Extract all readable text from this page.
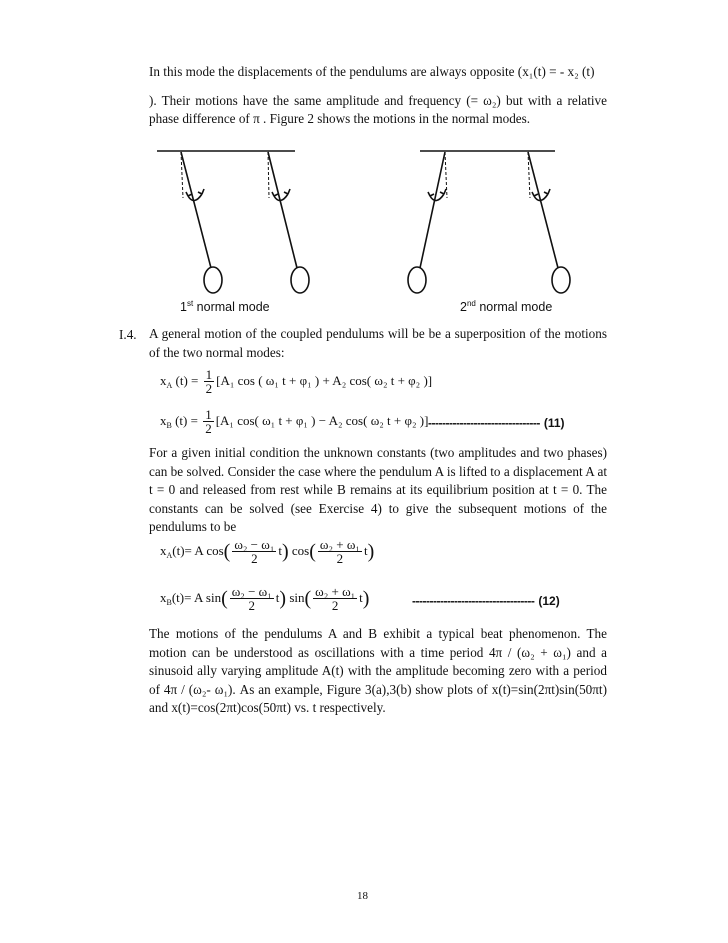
In this mode the displacements of the pendulums are always opposite (x₁(t) = - x₂ (t)
). Their motions have the same amplitude and frequency (= ω₂) but with a relative
phase difference of π . Figure 2 shows the motions in the normal modes.
1st normal mode	2nd normal mode
I.4. A general motion of the coupled pendulums will be be a superposition of the motions of the two normal modes:
$x_A$ $(t) = \frac{1}{2} [A_1$ cos ( ω₁ t + φ₁ ) + A₂ cos( ω₂ t + φ₂ )]
$x_B$ $(t) = \frac{1}{2} [A_1$ cos( ω₁ t + φ₁ ) − A₂ cos( ω₂ t + φ₂ )] -------------------------------- (11)
For a given initial condition the unknown constants (two amplitudes and two phases) can be solved. Consider the case where the pendulum A is lifted to a displacement A at t = 0 and released from rest while B remains at its equilibrium position at t = 0. The constants can be solved (see Exercise 4) to give the subsequent motions of the pendulums to be
$x_A(t)= A$ $\cos( \frac{\text{ω₂ − ω₁}}{2} t)$ $\cos( \frac{\text{ω₂ + ω₁}}{2} t)$
$x_B(t)= A$ $\sin( \frac{\text{ω₂ − ω₁}}{2} t)$ $\sin( \frac{\text{ω₂ + ω₁}}{2} t)$	----------------------------------- (12)
The motions of the pendulums A and B exhibit a typical beat phenomenon. The motion can be understood as oscillations with a time period 4π / (ω₂ + ω₁) and a sinusoid ally varying amplitude A(t) with the amplitude becoming zero with a period of 4π / (ω₂- ω₁). As an example, Figure 3(a),3(b) show plots of x(t)=sin(2πt)sin(50πt) and x(t)=cos(2πt)cos(50πt) vs. t respectively.
18
